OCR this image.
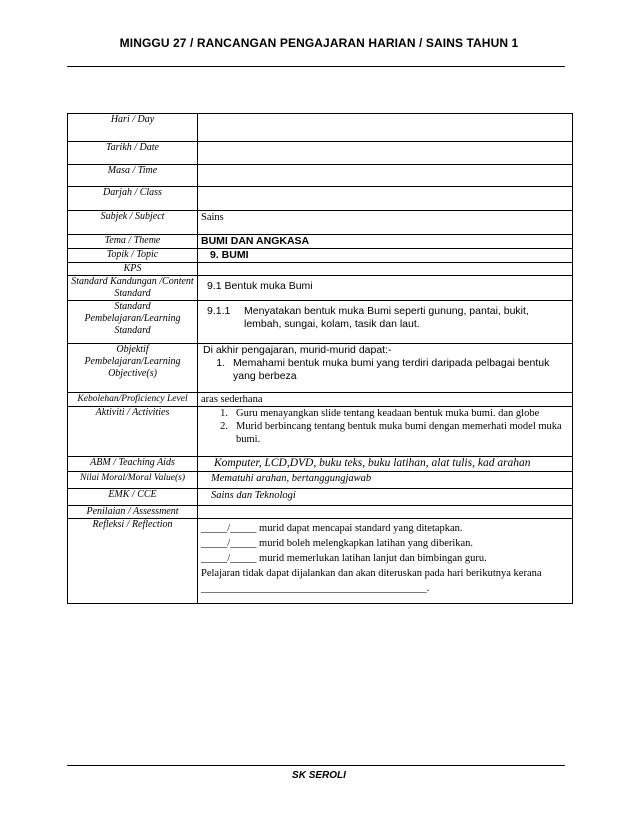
MINGGU 27 / RANCANGAN PENGAJARAN HARIAN / SAINS TAHUN 1
Hari / Day	
Tarikh / Date	
Masa / Time	
Darjah / Class	
Subjek / Subject	Sains
Tema / Theme	BUMI DAN ANGKASA
Topik / Topic	9. BUMI
KPS	
Standard Kandungan /Content Standard	9.1 Bentuk muka Bumi
Standard Pembelajaran/Learning Standard	9.1.1 Menyatakan bentuk muka Bumi seperti gunung, pantai, bukit, lembah, sungai, kolam, tasik dan laut.

Objektif Pembelajaran/Learning Objective(s)	Di akhir pengajaran, murid-murid dapat:-
1. Memahami bentuk muka bumi yang terdiri daripada pelbagai bentuk yang berbeza

Kebolehan/Proficiency Level	aras sederhana
Aktiviti / Activities	1. Guru menayangkan slide tentang keadaan bentuk muka bumi. dan globe
2. Murid berbincang tentang bentuk muka bumi dengan memerhati model muka bumi.

ABM / Teaching Aids	Komputer, LCD,DVD, buku teks, buku latihan, alat tulis, kad arahan
Nilai Moral/Moral Value(s)	Mematuhi arahan, bertanggungjawab
EMK / CCE	Sains dan Teknologi
Penilaian / Assessment	
Refleksi / Reflection	_____/_____ murid dapat mencapai standard yang ditetapkan.
_____/_____ murid boleh melengkapkan latihan yang diberikan.
_____/_____ murid memerlukan latihan lanjut dan bimbingan guru.
Pelajaran tidak dapat dijalankan dan akan diteruskan pada hari berikutnya kerana ___________________________________________.
SK SEROLI
